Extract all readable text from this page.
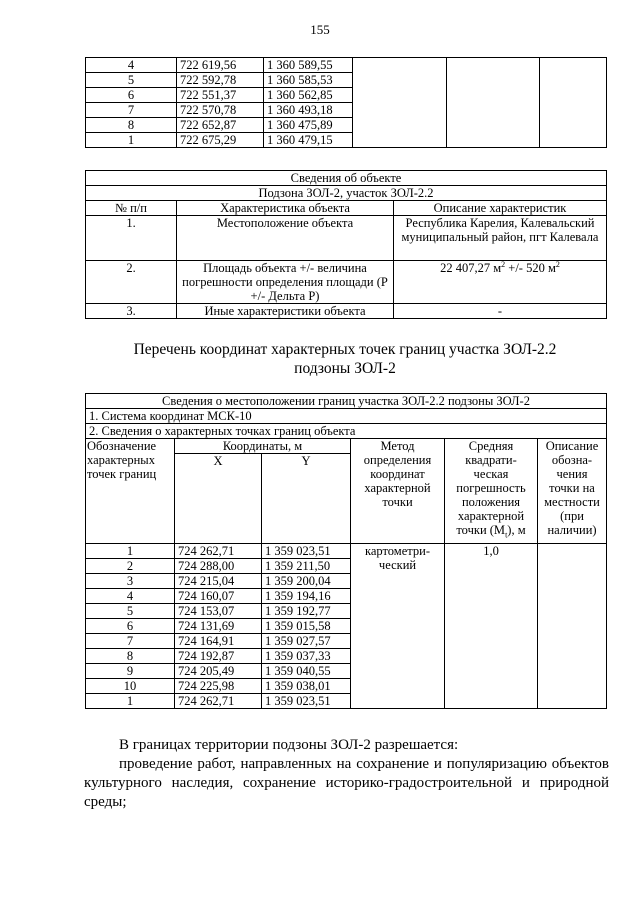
155
4	722 619,56	1 360 589,55			
5	722 592,78	1 360 585,53			
6	722 551,37	1 360 562,85			
7	722 570,78	1 360 493,18			
8	722 652,87	1 360 475,89			
1	722 675,29	1 360 479,15			
Сведения об объекте		
Подзона ЗОЛ-2, участок ЗОЛ-2.2		
№ п/п	Характеристика объекта	Описание характеристик
1.	Местоположение объекта	Республика Карелия, Калевальский муниципальный район, пгт Калевала
2.	Площадь объекта +/- величина погрешности определения площади (Р +/- Дельта Р)	22 407,27 $м^2$ +/- 520 $м^2$
3.	Иные характеристики объекта	-
Перечень координат характерных точек границ участка ЗОЛ-2.2
подзоны ЗОЛ-2
Сведения о местоположении границ участка ЗОЛ-2.2 подзоны ЗОЛ-2					
1. Система координат МСК-10					
2. Сведения о характерных точках границ объекта					
Обозначение характерных точек границ	Координаты, м		Метод определения координат характерной точки	Средняя квадрати-ческая погрешность положения характерной точки $(M_t)$, м	Описание обозна-чения точки на местности (при наличии)
	X	Y			
1	724 262,71	1 359 023,51	картометри-ческий	1,0	
2	724 288,00	1 359 211,50			
3	724 215,04	1 359 200,04			
4	724 160,07	1 359 194,16			
5	724 153,07	1 359 192,77			
6	724 131,69	1 359 015,58			
7	724 164,91	1 359 027,57			
8	724 192,87	1 359 037,33			
9	724 205,49	1 359 040,55			
10	724 225,98	1 359 038,01			
1	724 262,71	1 359 023,51			
В границах территории подзоны ЗОЛ-2 разрешается:
проведение работ, направленных на сохранение и популяризацию объектов культурного наследия, сохранение историко-градостроительной и природной среды;
